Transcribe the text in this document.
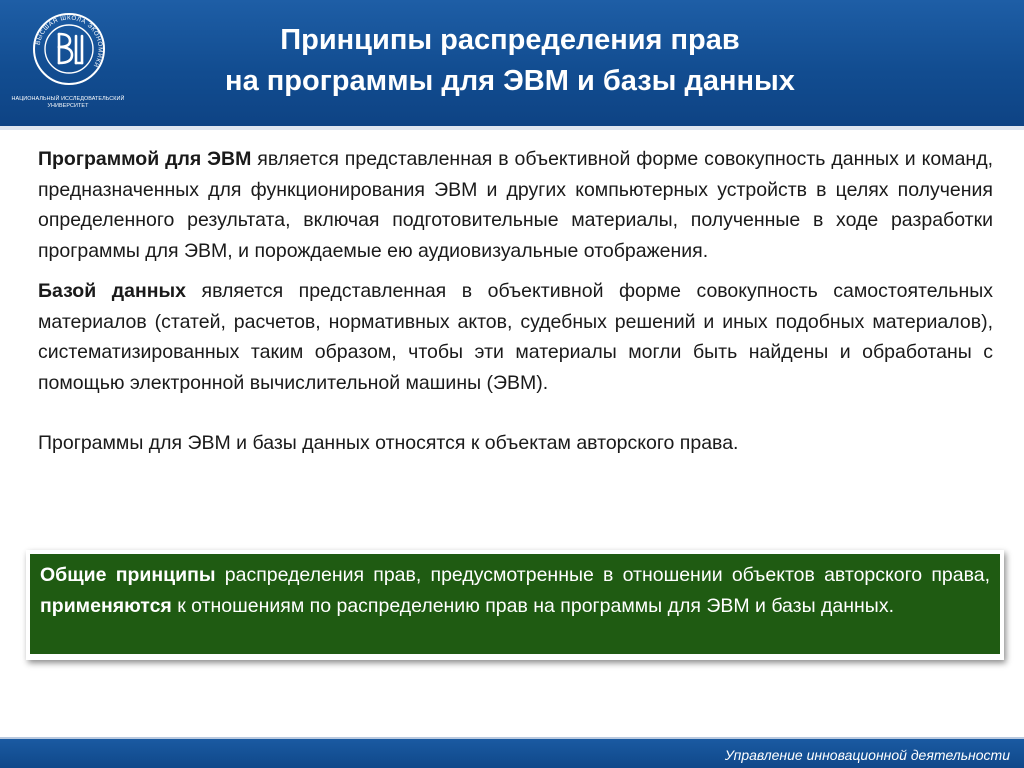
ВЫСШАЯ ШКОЛА ЭКОНОМИКИ
НАЦИОНАЛЬНЫЙ ИССЛЕДОВАТЕЛЬСКИЙ
УНИВЕРСИТЕТ
Принципы распределения прав
на программы для ЭВМ и базы данных

Программой для ЭВМ является представленная в объективной форме совокупность данных и команд, предназначенных для функционирования ЭВМ и других компьютерных устройств в целях получения определенного результата, включая подготовительные материалы, полученные в ходе разработки программы для ЭВМ, и порождаемые ею аудиовизуальные отображения.

Базой данных является представленная в объективной форме совокупность самостоятельных материалов (статей, расчетов, нормативных актов, судебных решений и иных подобных материалов), систематизированных таким образом, чтобы эти материалы могли быть найдены и обработаны с помощью электронной вычислительной машины (ЭВМ).

Программы для ЭВМ и базы данных относятся к объектам авторского права.

Общие принципы распределения прав, предусмотренные в отношении объектов авторского права, применяются к отношениям по распределению прав на программы для ЭВМ и базы данных.
Управление инновационной деятельности
